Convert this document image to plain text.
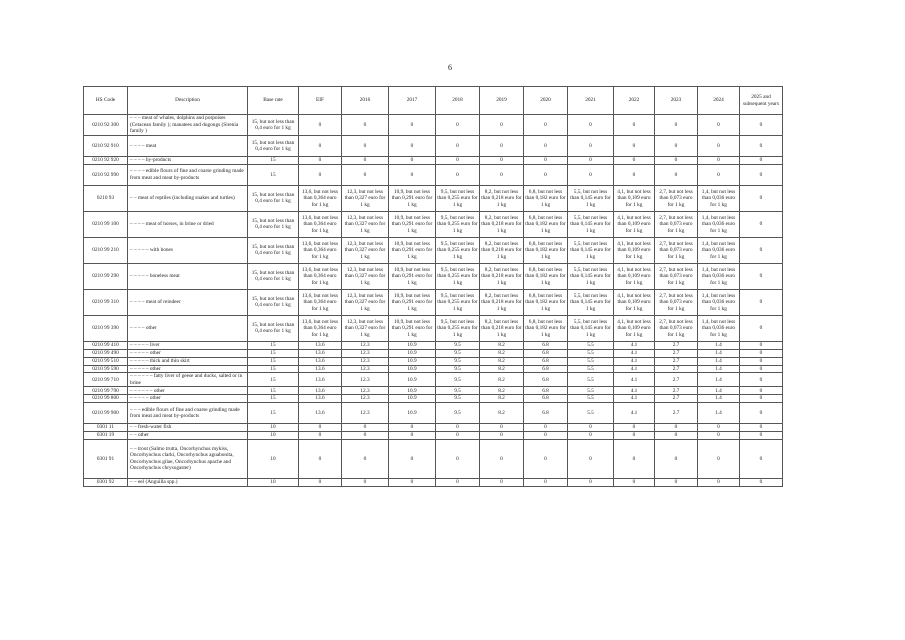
6
HS Code	Description	Base rate	EIF	2016	2017	2018	2019	2020	2021	2022	2023	2024	2025 and subsequent years
0210 92 300	– – – meat of whales, dolphins and porpoises (Cetacean family ); manatees and dugongs (Sirenia family )	15, but not less than 0,4 euro for 1 kg	0	0	0	0	0	0	0	0	0	0	0
0210 92 910	– – – – meat	15, but not less than 0,4 euro for 1 kg	0	0	0	0	0	0	0	0	0	0	0
0210 92 920	– – – – by-products	15	0	0	0	0	0	0	0	0	0	0	0
0210 92 990	– – – – edible flours of fine and coarse grinding made from meat and meat by-products	15	0	0	0	0	0	0	0	0	0	0	0
0210 93	– – meat of reptiles (including snakes and turtles)	15, but not less than 0,4 euro for 1 kg	13,6, but not less than 0,364 euro for 1 kg	12,3, but not less than 0,327 euro for 1 kg	10,9, but not less than 0,291 euro for 1 kg	9,5, but not less than 0,255 euro for 1 kg	8,2, but not less than 0,218 euro for 1 kg	6,8, but not less than 0,182 euro for 1 kg	5,5, but not less than 0,145 euro for 1 kg	4,1, but not less than 0,109 euro for 1 kg	2,7, but not less than 0,073 euro for 1 kg	1,4, but not less than 0,036 euro for 1 kg	0
0210 99 100	– – – – meat of horses, in brine or dried	15, but not less than 0,4 euro for 1 kg	13,6, but not less than 0,364 euro for 1 kg	12,3, but not less than 0,327 euro for 1 kg	10,9, but not less than 0,291 euro for 1 kg	9,5, but not less than 0,255 euro for 1 kg	8,2, but not less than 0,218 euro for 1 kg	6,8, but not less than 0,182 euro for 1 kg	5,5, but not less than 0,145 euro for 1 kg	4,1, but not less than 0,109 euro for 1 kg	2,7, but not less than 0,073 euro for 1 kg	1,4, but not less than 0,036 euro for 1 kg	0
0210 99 210	– – – – – with bones	15, but not less than 0,4 euro for 1 kg	13,6, but not less than 0,364 euro for 1 kg	12,3, but not less than 0,327 euro for 1 kg	10,9, but not less than 0,291 euro for 1 kg	9,5, but not less than 0,255 euro for 1 kg	8,2, but not less than 0,218 euro for 1 kg	6,8, but not less than 0,182 euro for 1 kg	5,5, but not less than 0,145 euro for 1 kg	4,1, but not less than 0,109 euro for 1 kg	2,7, but not less than 0,073 euro for 1 kg	1,4, but not less than 0,036 euro for 1 kg	0
0210 99 290	– – – – – boneless meat	15, but not less than 0,4 euro for 1 kg	13,6, but not less than 0,364 euro for 1 kg	12,3, but not less than 0,327 euro for 1 kg	10,9, but not less than 0,291 euro for 1 kg	9,5, but not less than 0,255 euro for 1 kg	8,2, but not less than 0,218 euro for 1 kg	6,8, but not less than 0,182 euro for 1 kg	5,5, but not less than 0,145 euro for 1 kg	4,1, but not less than 0,109 euro for 1 kg	2,7, but not less than 0,073 euro for 1 kg	1,4, but not less than 0,036 euro for 1 kg	0
0210 99 310	– – – – meat of reindeer	15, but not less than 0,4 euro for 1 kg	13,6, but not less than 0,364 euro for 1 kg	12,3, but not less than 0,327 euro for 1 kg	10,9, but not less than 0,291 euro for 1 kg	9,5, but not less than 0,255 euro for 1 kg	8,2, but not less than 0,218 euro for 1 kg	6,8, but not less than 0,182 euro for 1 kg	5,5, but not less than 0,145 euro for 1 kg	4,1, but not less than 0,109 euro for 1 kg	2,7, but not less than 0,073 euro for 1 kg	1,4, but not less than 0,036 euro for 1 kg	0
0210 99 390	– – – – other	15, but not less than 0,4 euro for 1 kg	13,6, but not less than 0,364 euro for 1 kg	12,3, but not less than 0,327 euro for 1 kg	10,9, but not less than 0,291 euro for 1 kg	9,5, but not less than 0,255 euro for 1 kg	8,2, but not less than 0,218 euro for 1 kg	6,8, but not less than 0,182 euro for 1 kg	5,5, but not less than 0,145 euro for 1 kg	4,1, but not less than 0,109 euro for 1 kg	2,7, but not less than 0,073 euro for 1 kg	1,4, but not less than 0,036 euro for 1 kg	0
0210 99 410	– – – – – liver	15	13.6	12.3	10.9	9.5	8.2	6.8	5.5	4.1	2.7	1.4	0
0210 99 490	– – – – – other	15	13.6	12.3	10.9	9.5	8.2	6.8	5.5	4.1	2.7	1.4	0
0210 99 510	– – – – – thick and thin skirt	15	13.6	12.3	10.9	9.5	8.2	6.8	5.5	4.1	2.7	1.4	0
0210 99 590	– – – – – other	15	13.6	12.3	10.9	9.5	8.2	6.8	5.5	4.1	2.7	1.4	0
0210 99 710	– – – – – – fatty liver of geese and ducks, salted or in brine	15	13.6	12.3	10.9	9.5	8.2	6.8	5.5	4.1	2.7	1.4	0
0210 99 790	– – – – – – other	15	13.6	12.3	10.9	9.5	8.2	6.8	5.5	4.1	2.7	1.4	0
0210 99 800	– – – – – other	15	13.6	12.3	10.9	9.5	8.2	6.8	5.5	4.1	2.7	1.4	0
0210 99 900	– – – edible flours of fine and coarse grinding made from meat and meat by-products	15	13.6	12.3	10.9	9.5	8.2	6.8	5.5	4.1	2.7	1.4	0
0301 11	– – fresh-water fish	10	0	0	0	0	0	0	0	0	0	0	0
0301 19	– – other	10	0	0	0	0	0	0	0	0	0	0	0
0301 91	– – trout (Salmo trutta, Oncorhynchus mykiss, Oncorhynchus clarki, Oncorhynchus aguabonita, Oncorhynchus gilae, Oncorhynchus apache and Oncorhynchus chrysogaster)	10	0	0	0	0	0	0	0	0	0	0	0
0301 92	– – eel (Anguilla spp.)	10	0	0	0	0	0	0	0	0	0	0	0
